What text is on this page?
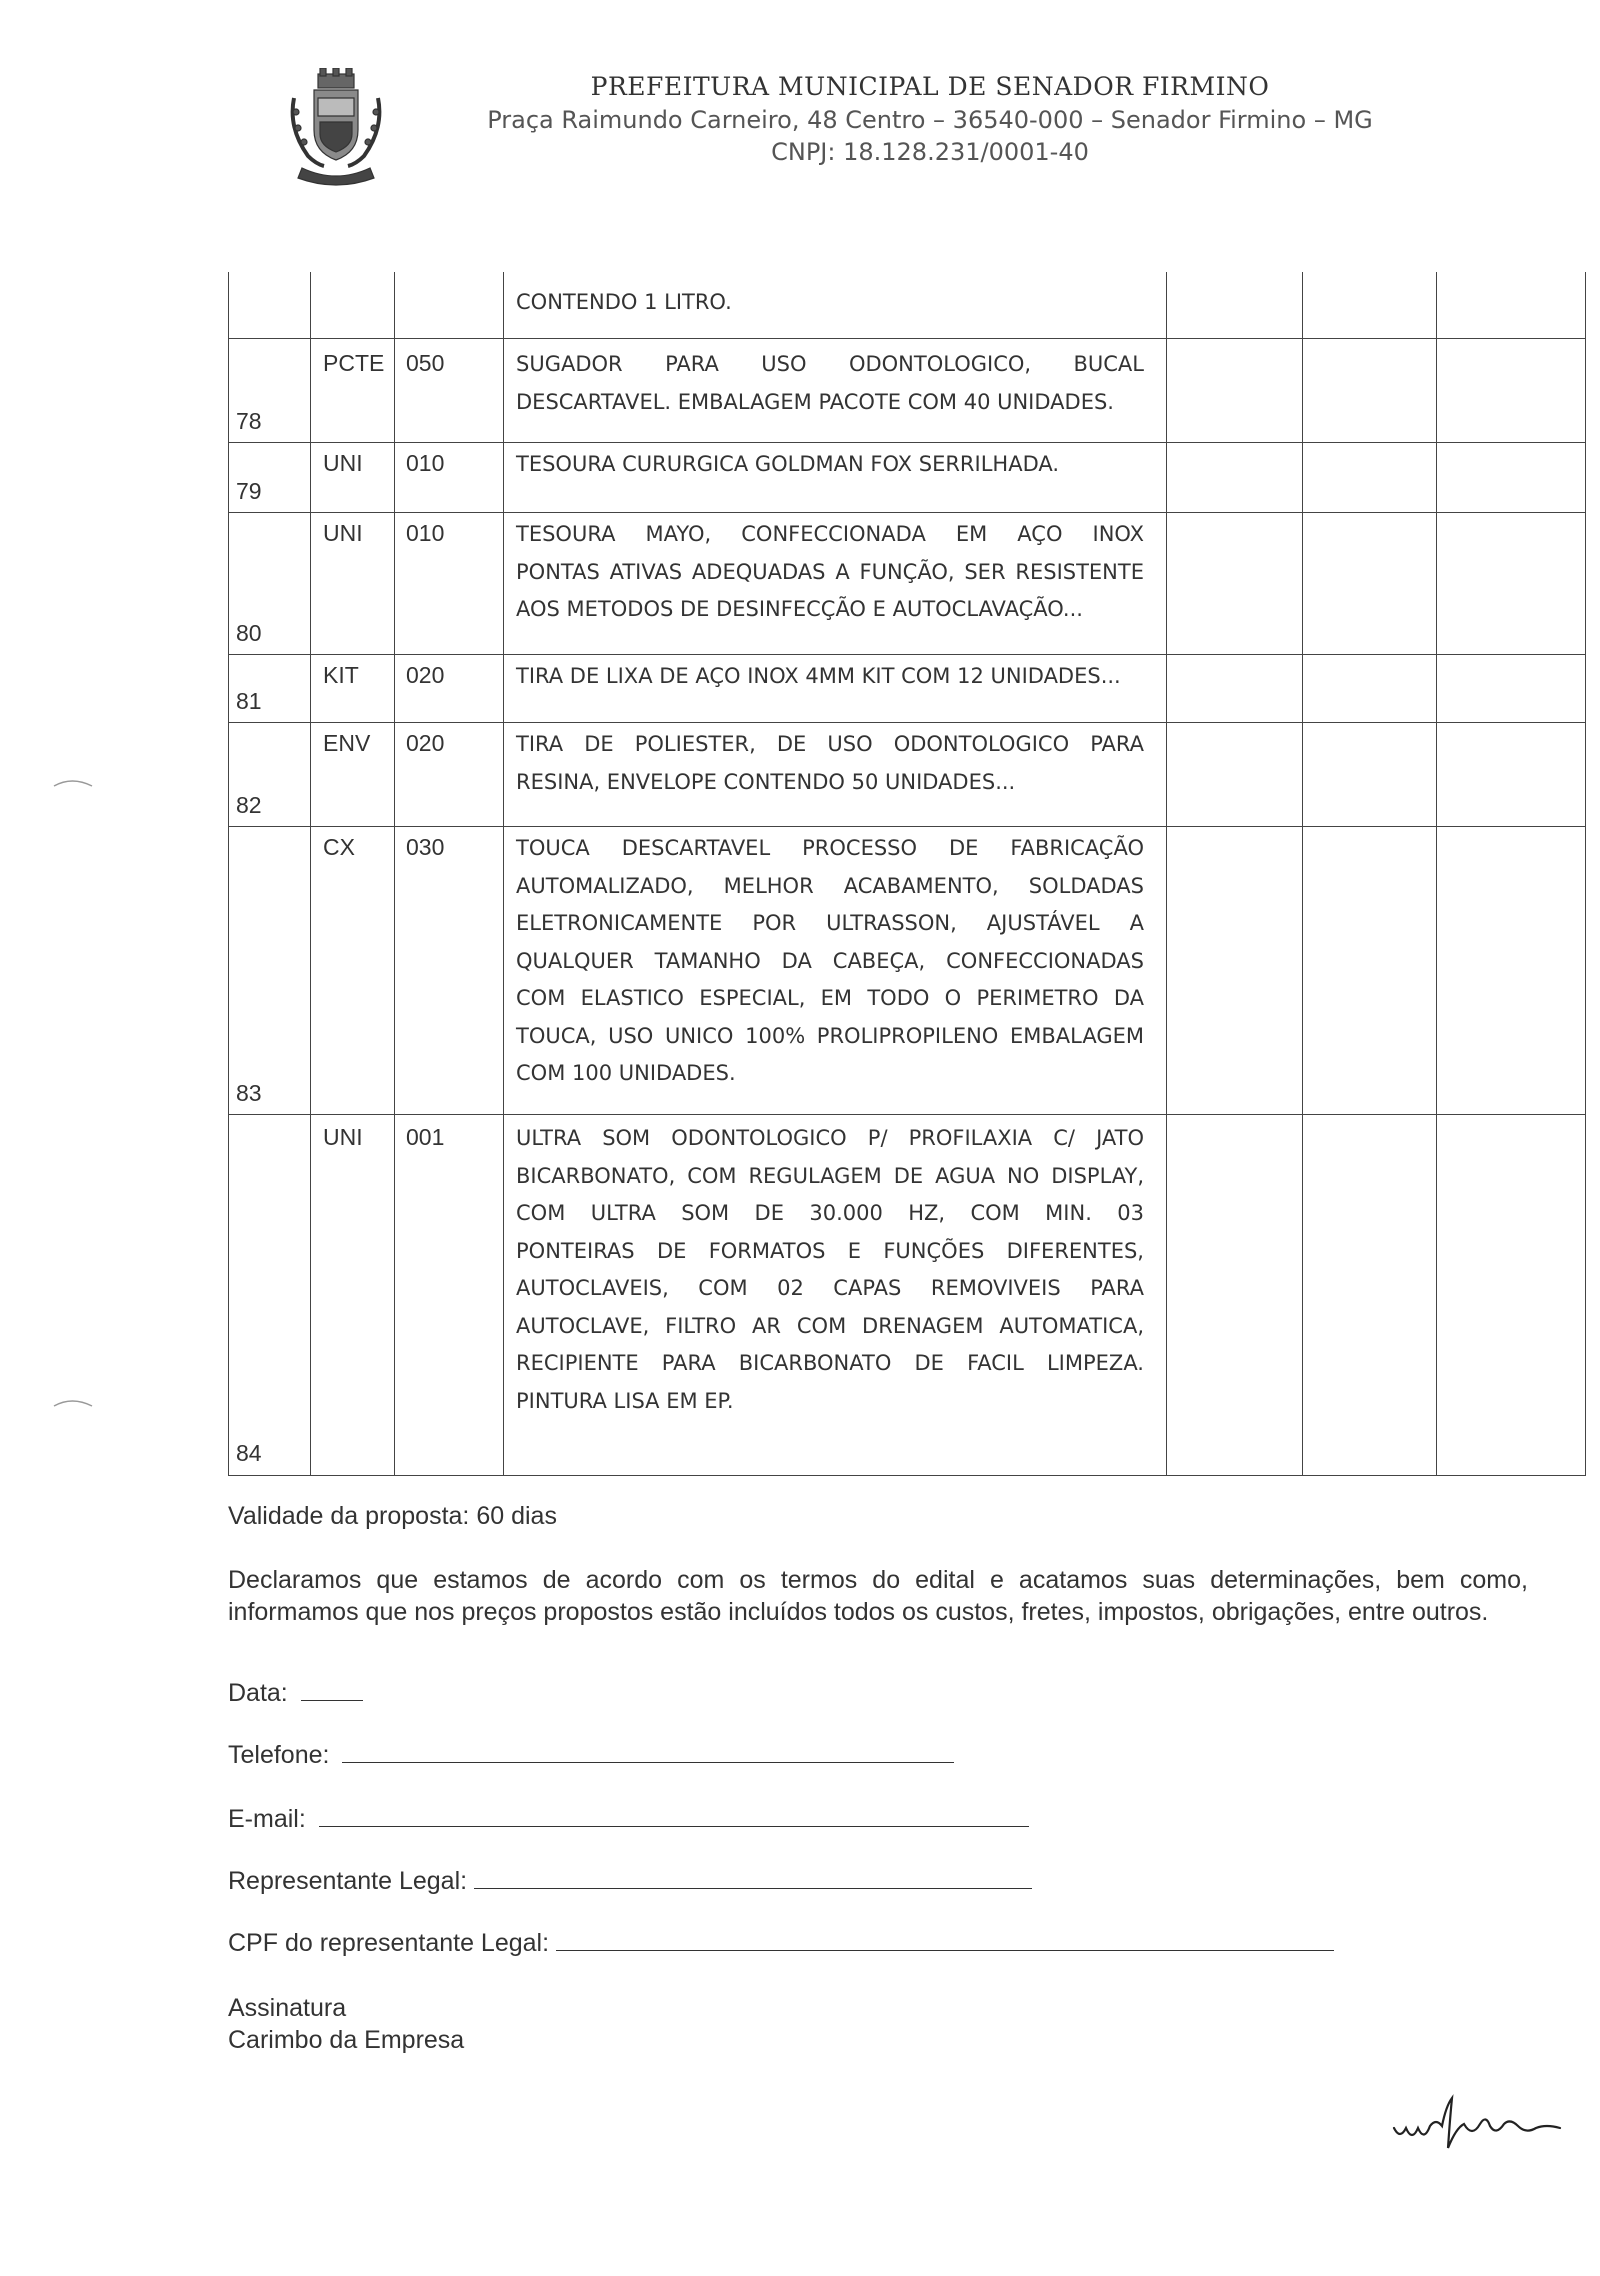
PREFEITURA MUNICIPAL DE SENADOR FIRMINO
Praça Raimundo Carneiro, 48 Centro – 36540-000 – Senador Firmino – MG
CNPJ: 18.128.231/0001-40
CONTENDO 1 LITRO.
PCTE 050
78
SUGADOR PARA USO ODONTOLOGICO, BUCAL
DESCARTAVEL. EMBALAGEM PACOTE COM 40 UNIDADES.
UNI 010
79
TESOURA CURURGICA GOLDMAN FOX SERRILHADA.
UNI 010
80
TESOURA MAYO, CONFECCIONADA EM AÇO INOX
PONTAS ATIVAS ADEQUADAS A FUNÇÃO, SER RESISTENTE
AOS METODOS DE DESINFECÇÃO E AUTOCLAVAÇÃO...
KIT 020
81
TIRA DE LIXA DE AÇO INOX 4MM KIT COM 12 UNIDADES...
ENV 020
82
TIRA DE POLIESTER, DE USO ODONTOLOGICO PARA
RESINA, ENVELOPE CONTENDO 50 UNIDADES...
CX 030
83
TOUCA DESCARTAVEL PROCESSO DE FABRICAÇÃO
AUTOMALIZADO, MELHOR ACABAMENTO, SOLDADAS
ELETRONICAMENTE POR ULTRASSON, AJUSTÁVEL A
QUALQUER TAMANHO DA CABEÇA, CONFECCIONADAS
COM ELASTICO ESPECIAL, EM TODO O PERIMETRO DA
TOUCA, USO UNICO 100% PROLIPROPILENO EMBALAGEM
COM 100 UNIDADES.
UNI 001
84
ULTRA SOM ODONTOLOGICO P/ PROFILAXIA C/ JATO
BICARBONATO, COM REGULAGEM DE AGUA NO DISPLAY,
COM ULTRA SOM DE 30.000 HZ, COM MIN. 03
PONTEIRAS DE FORMATOS E FUNÇÕES DIFERENTES,
AUTOCLAVEIS, COM 02 CAPAS REMOVIVEIS PARA
AUTOCLAVE, FILTRO AR COM DRENAGEM AUTOMATICA,
RECIPIENTE PARA BICARBONATO DE FACIL LIMPEZA.
PINTURA LISA EM EP.
Validade da proposta: 60 dias
Declaramos que estamos de acordo com os termos do edital e acatamos suas determinações, bem como, informamos que nos preços propostos estão incluídos todos os custos, fretes, impostos, obrigações, entre outros.
Data:
Telefone:
E-mail:
Representante Legal:
CPF do representante Legal:
Assinatura
Carimbo da Empresa
